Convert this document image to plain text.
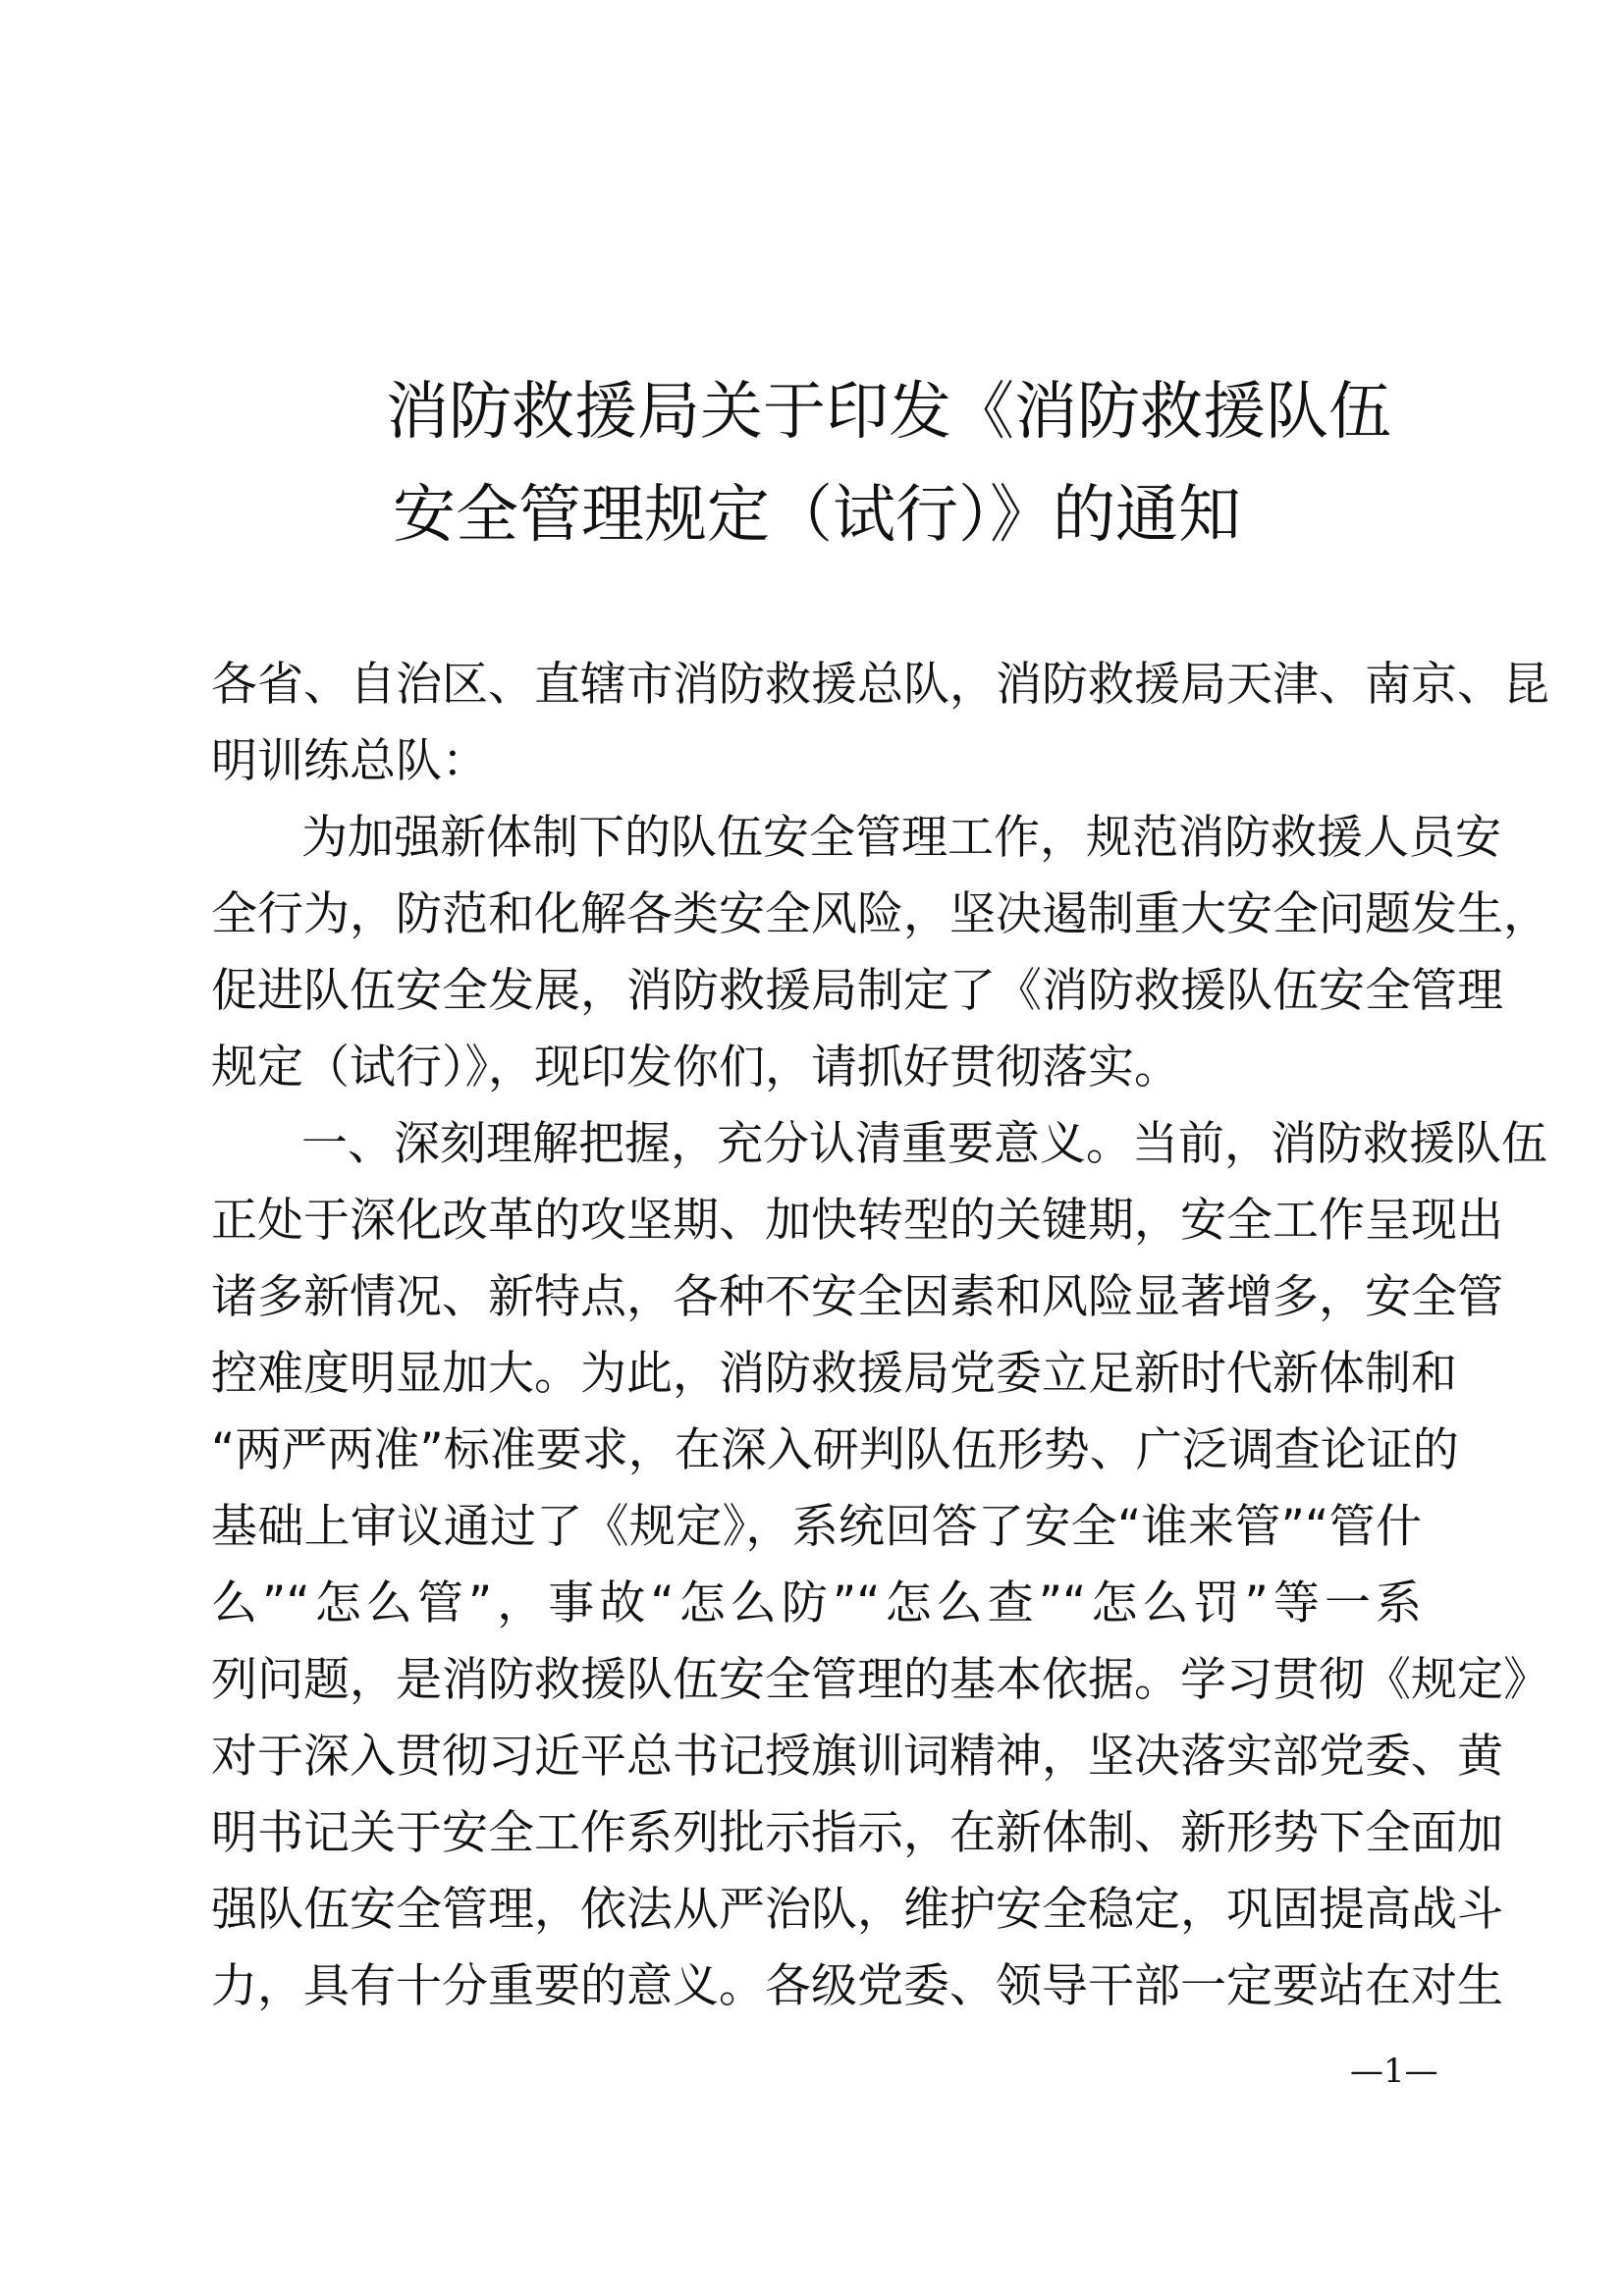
消防救援局关于印发《消防救援队伍
安全管理规定（试行）》的通知
各省、自治区、直辖市消防救援总队，消防救援局天津、南京、昆
明训练总队：
为加强新体制下的队伍安全管理工作，规范消防救援人员安
全行为，防范和化解各类安全风险，坚决遏制重大安全问题发生，
促进队伍安全发展，消防救援局制定了《消防救援队伍安全管理
规定（试行）》，现印发你们，请抓好贯彻落实。
一、深刻理解把握，充分认清重要意义。当前，消防救援队伍
正处于深化改革的攻坚期、加快转型的关键期，安全工作呈现出
诸多新情况、新特点，各种不安全因素和风险显著增多，安全管
控难度明显加大。为此，消防救援局党委立足新时代新体制和
“两严两准”标准要求，在深入研判队伍形势、广泛调查论证的
基础上审议通过了《规定》，系统回答了安全“谁来管”“管什
么”“怎么管”，事故“怎么防”“怎么查”“怎么罚”等一系
列问题，是消防救援队伍安全管理的基本依据。学习贯彻《规定》
对于深入贯彻习近平总书记授旗训词精神，坚决落实部党委、黄
明书记关于安全工作系列批示指示，在新体制、新形势下全面加
强队伍安全管理，依法从严治队，维护安全稳定，巩固提高战斗
力，具有十分重要的意义。各级党委、领导干部一定要站在对生
—1—
